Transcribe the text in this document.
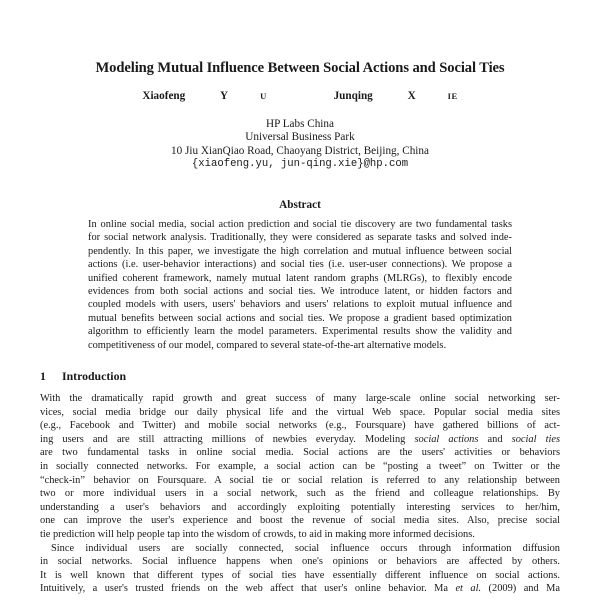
Modeling Mutual Influence Between Social Actions and Social Ties
Xiaofeng	Y	U	Junqing	X	IE
HP Labs China
Universal Business Park
10 Jiu XianQiao Road, Chaoyang District, Beijing, China
{xiaofeng.yu, jun-qing.xie}@hp.com
Abstract
In online social media, social action prediction and social tie discovery are two fundamental tasks
for social network analysis. Traditionally, they were considered as separate tasks and solved inde-
pendently. In this paper, we investigate the high correlation and mutual influence between social
actions (i.e. user-behavior interactions) and social ties (i.e. user-user connections). We propose a
unified coherent framework, namely mutual latent random graphs (MLRGs), to flexibly encode
evidences from both social actions and social ties. We introduce latent, or hidden factors and
coupled models with users, users' behaviors and users' relations to exploit mutual influence and
mutual benefits between social actions and social ties. We propose a gradient based optimization
algorithm to efficiently learn the model parameters. Experimental results show the validity and
competitiveness of our model, compared to several state-of-the-art alternative models.
1 Introduction

With the dramatically rapid growth and great success of many large-scale online social networking ser-
vices, social media bridge our daily physical life and the virtual Web space. Popular social media sites
(e.g., Facebook and Twitter) and mobile social networks (e.g., Foursquare) have gathered billions of act-
ing users and are still attracting millions of newbies everyday. Modeling social actions and social ties
are two fundamental tasks in online social media. Social actions are the users' activities or behaviors
in socially connected networks. For example, a social action can be “posting a tweet” on Twitter or the
“check-in” behavior on Foursquare. A social tie or social relation is referred to any relationship between
two or more individual users in a social network, such as the friend and colleague relationships. By
understanding a user's behaviors and accordingly exploiting potentially interesting services to her/him,
one can improve the user's experience and boost the revenue of social media sites. Also, precise social
tie prediction will help people tap into the wisdom of crowds, to aid in making more informed decisions.

Since individual users are socially connected, social influence occurs through information diffusion
in social networks. Social influence happens when one's opinions or behaviors are affected by others.
It is well known that different types of social ties have essentially different influence on social actions.
Intuitively, a user's trusted friends on the web affect that user's online behavior. Ma et al. (2009) and Ma
